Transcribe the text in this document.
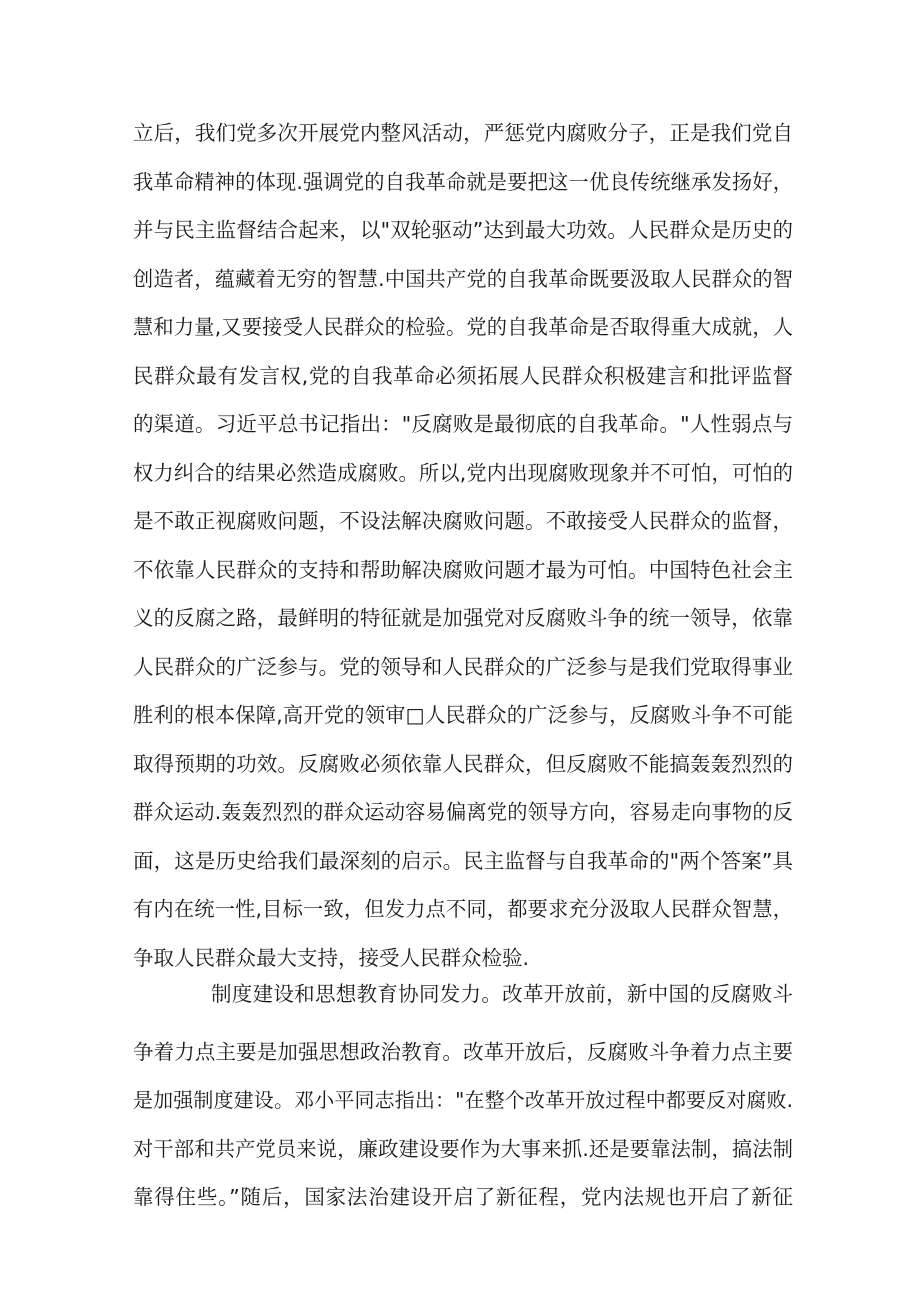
立后，我们党多次开展党内整风活动，严惩党内腐败分子，正是我们党自
我革命精神的体现.强调党的自我革命就是要把这一优良传统继承发扬好，
并与民主监督结合起来，以"双轮驱动”达到最大功效。人民群众是历史的
创造者，蕴藏着无穷的智慧.中国共产党的自我革命既要汲取人民群众的智
慧和力量,又要接受人民群众的检验。党的自我革命是否取得重大成就，人
民群众最有发言权,党的自我革命必须拓展人民群众积极建言和批评监督
的渠道。习近平总书记指出："反腐败是最彻底的自我革命。"人性弱点与
权力纠合的结果必然造成腐败。所以,党内出现腐败现象并不可怕，可怕的
是不敢正视腐败问题，不设法解决腐败问题。不敢接受人民群众的监督，
不依靠人民群众的支持和帮助解决腐败问题才最为可怕。中国特色社会主
义的反腐之路，最鲜明的特征就是加强党对反腐败斗争的统一领导，依靠
人民群众的广泛参与。党的领导和人民群众的广泛参与是我们党取得事业
胜利的根本保障,高开党的领审□人民群众的广泛参与，反腐败斗争不可能
取得预期的功效。反腐败必须依靠人民群众，但反腐败不能搞轰轰烈烈的
群众运动.轰轰烈烈的群众运动容易偏离党的领导方向，容易走向事物的反
面，这是历史给我们最深刻的启示。民主监督与自我革命的"两个答案”具
有内在统一性,目标一致，但发力点不同，都要求充分汲取人民群众智慧，
争取人民群众最大支持，接受人民群众检验.
制度建设和思想教育协同发力。改革开放前，新中国的反腐败斗
争着力点主要是加强思想政治教育。改革开放后，反腐败斗争着力点主要
是加强制度建设。邓小平同志指出："在整个改革开放过程中都要反对腐败.
对干部和共产党员来说，廉政建设要作为大事来抓.还是要靠法制，搞法制
靠得住些。”随后，国家法治建设开启了新征程，党内法规也开启了新征
